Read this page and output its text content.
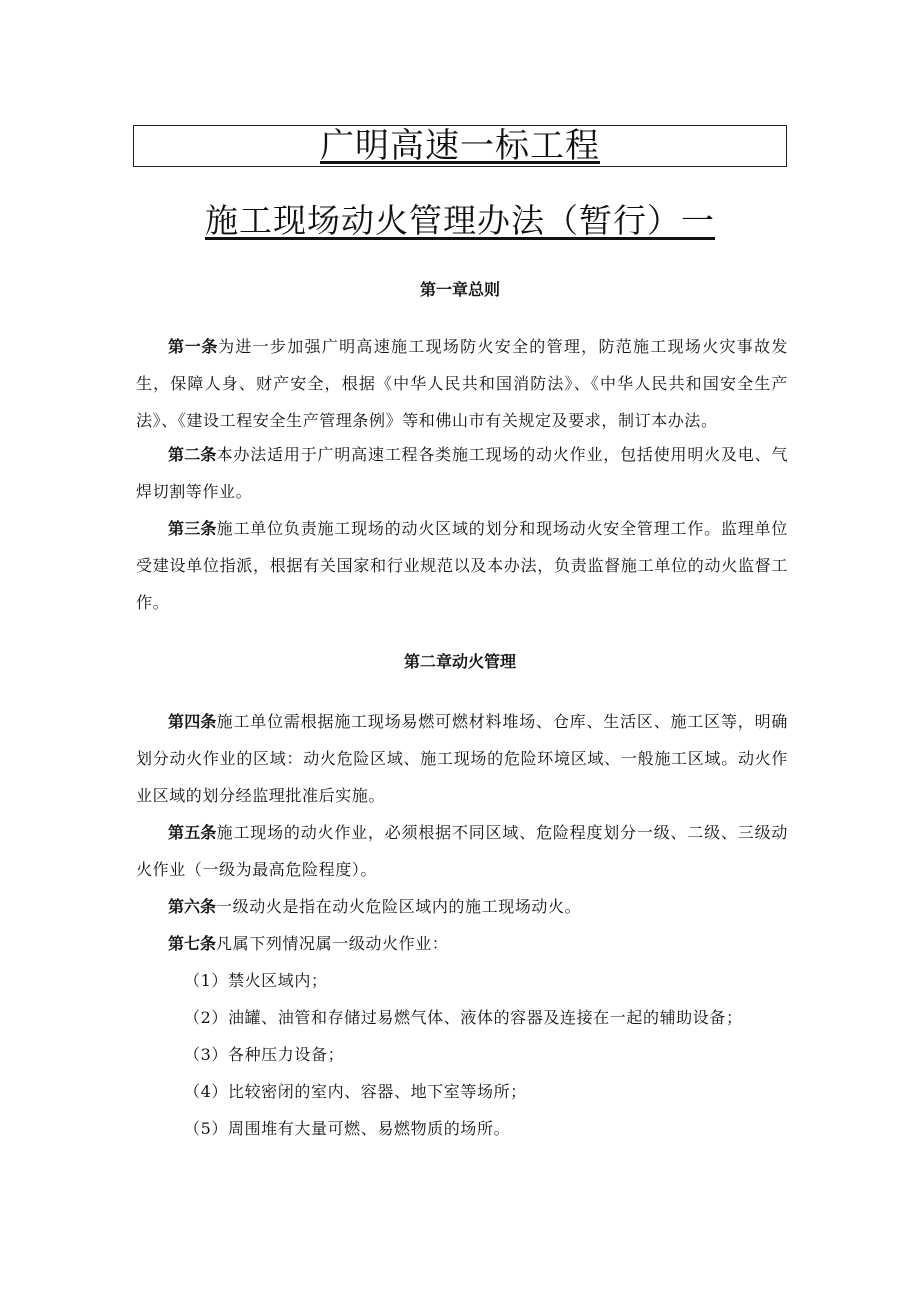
广明高速一标工程
施工现场动火管理办法（暂行）一
第一章总则
第一条为进一步加强广明高速施工现场防火安全的管理，防范施工现场火灾事故发生，保障人身、财产安全，根据《中华人民共和国消防法》、《中华人民共和国安全生产法》、《建设工程安全生产管理条例》等和佛山市有关规定及要求，制订本办法。
第二条本办法适用于广明高速工程各类施工现场的动火作业，包括使用明火及电、气焊切割等作业。
第三条施工单位负责施工现场的动火区域的划分和现场动火安全管理工作。监理单位受建设单位指派，根据有关国家和行业规范以及本办法，负责监督施工单位的动火监督工作。
第二章动火管理
第四条施工单位需根据施工现场易燃可燃材料堆场、仓库、生活区、施工区等，明确划分动火作业的区域：动火危险区域、施工现场的危险环境区域、一般施工区域。动火作业区域的划分经监理批准后实施。
第五条施工现场的动火作业，必须根据不同区域、危险程度划分一级、二级、三级动火作业（一级为最高危险程度）。
第六条一级动火是指在动火危险区域内的施工现场动火。
第七条凡属下列情况属一级动火作业：
（1）禁火区域内；
（2）油罐、油管和存储过易燃气体、液体的容器及连接在一起的辅助设备；
（3）各种压力设备；
（4）比较密闭的室内、容器、地下室等场所；
（5）周围堆有大量可燃、易燃物质的场所。
